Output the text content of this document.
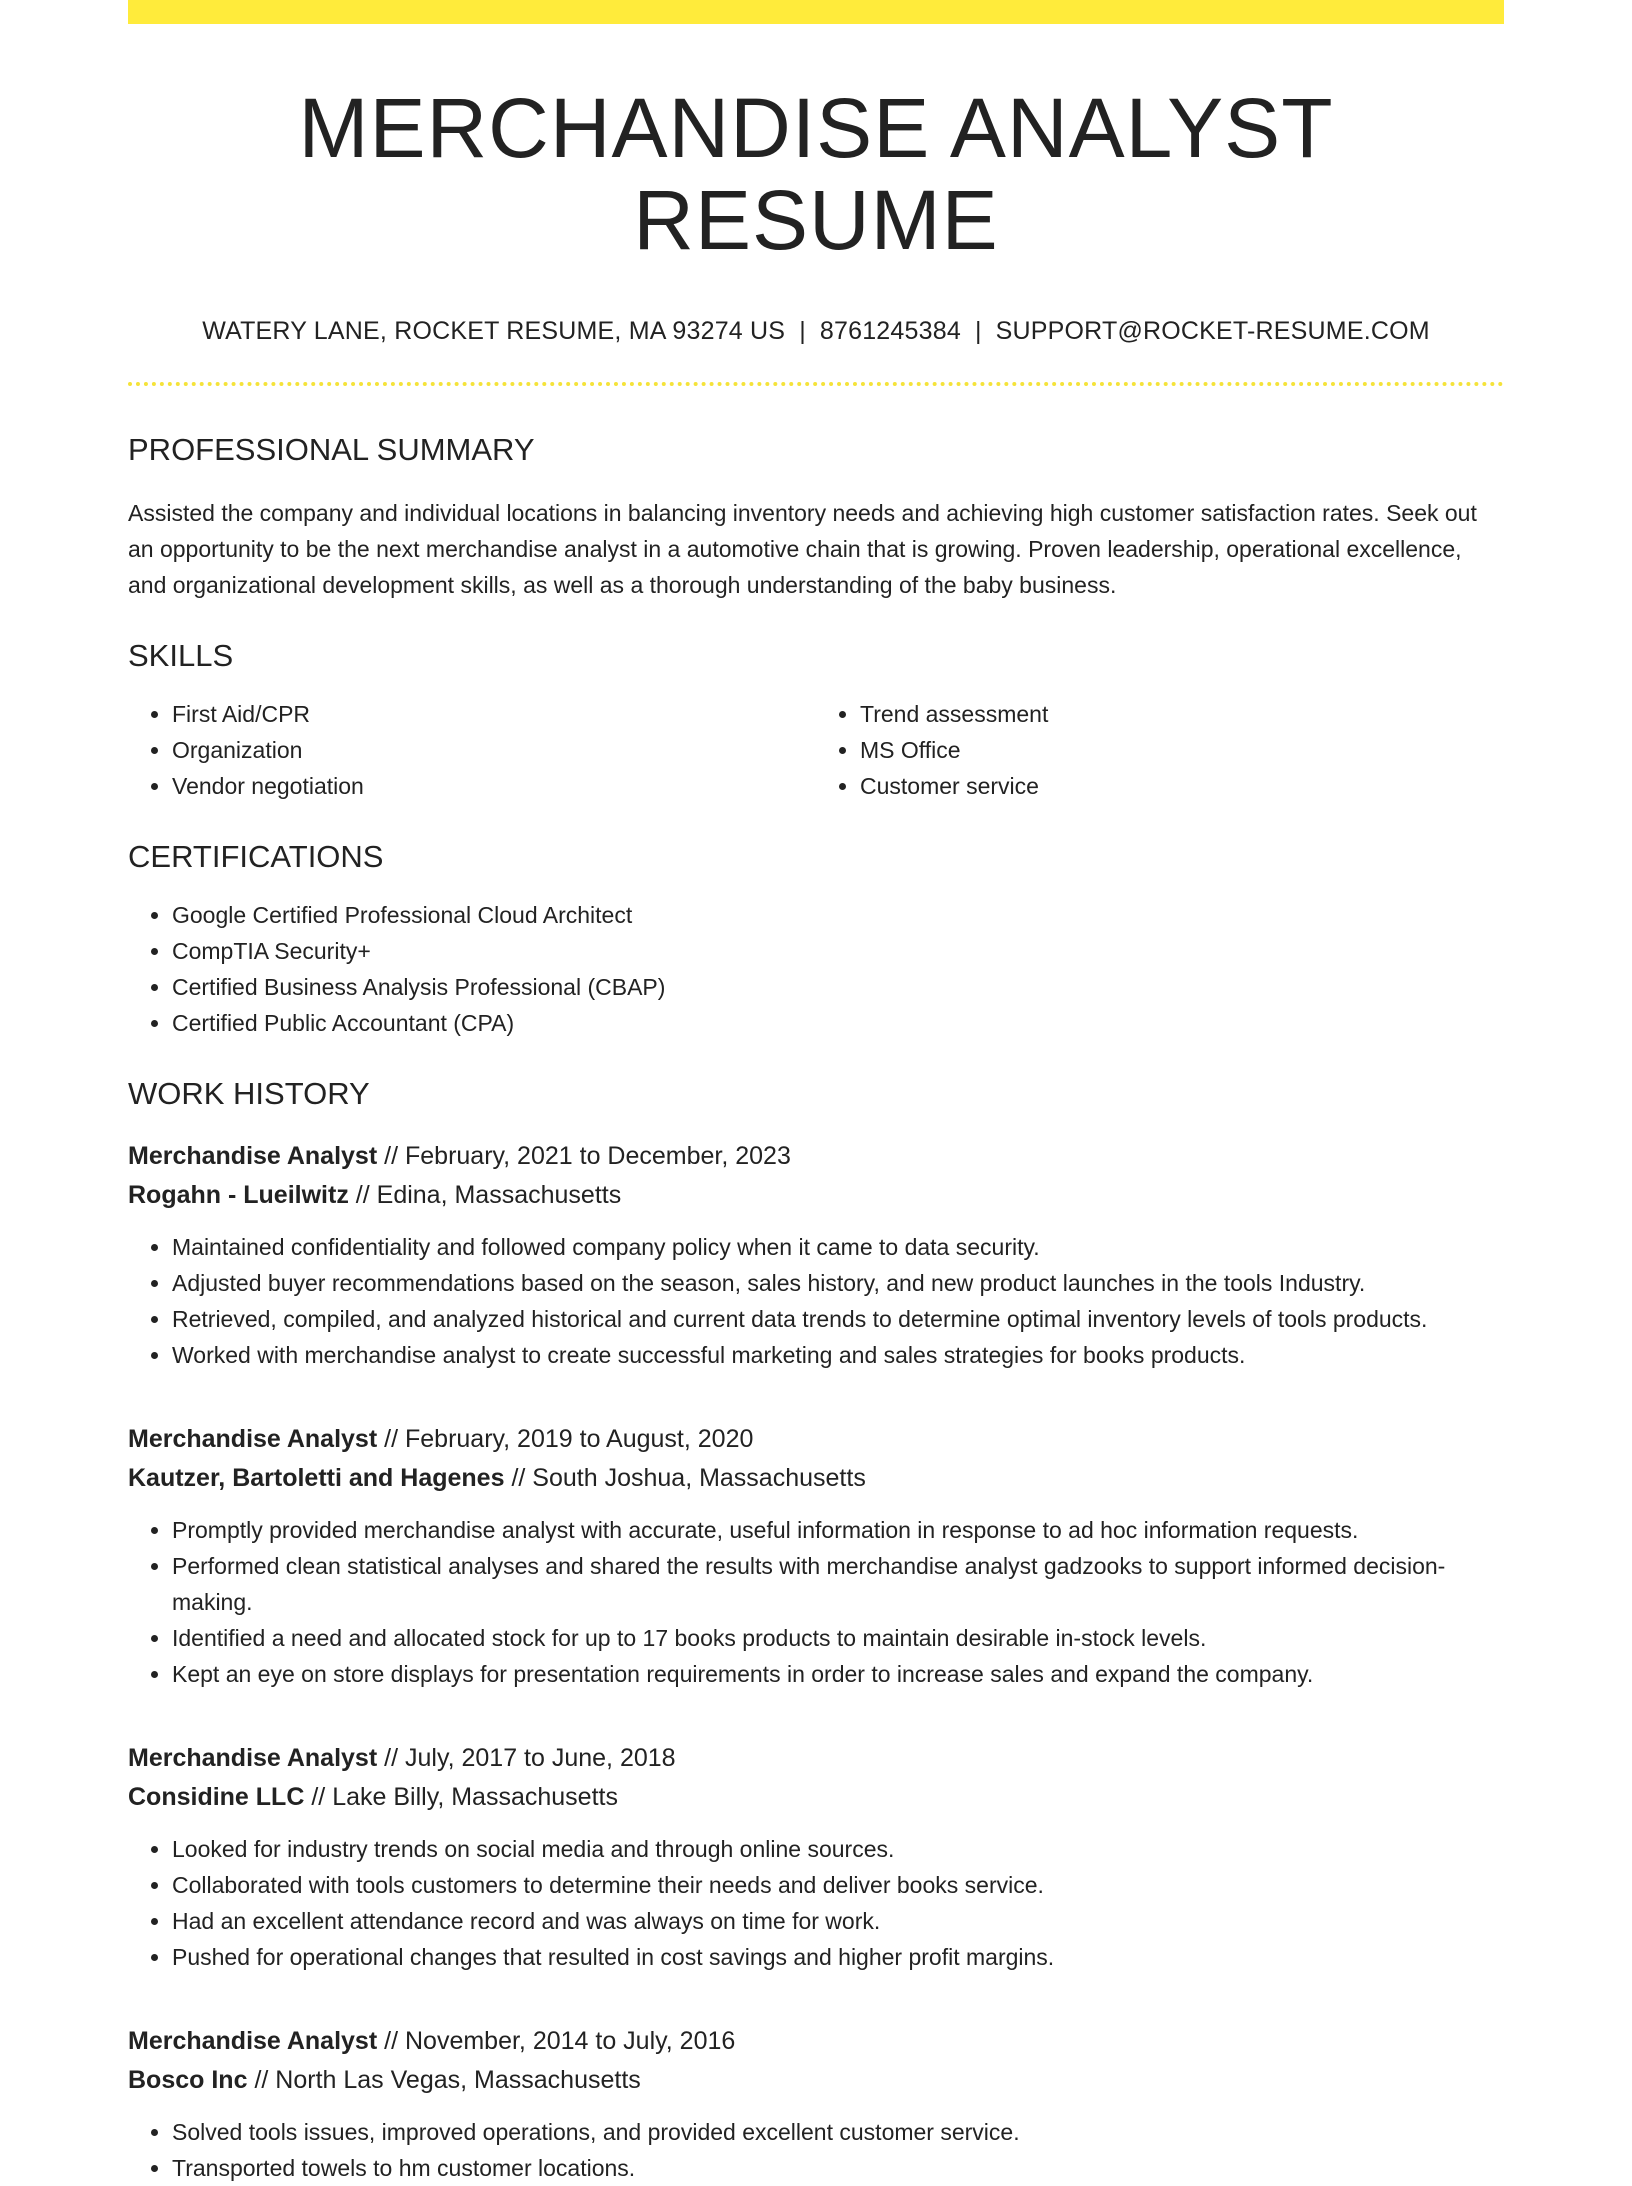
MERCHANDISE ANALYST RESUME
WATERY LANE, ROCKET RESUME, MA 93274 US | 8761245384 | SUPPORT@ROCKET-RESUME.COM
PROFESSIONAL SUMMARY

Assisted the company and individual locations in balancing inventory needs and achieving high customer satisfaction rates. Seek out an opportunity to be the next merchandise analyst in a automotive chain that is growing. Proven leadership, operational excellence, and organizational development skills, as well as a thorough understanding of the baby business.

SKILLS
• First Aid/CPR
• Organization
• Vendor negotiation
• Trend assessment
• MS Office
• Customer service
CERTIFICATIONS
• Google Certified Professional Cloud Architect
• CompTIA Security+
• Certified Business Analysis Professional (CBAP)
• Certified Public Accountant (CPA)
WORK HISTORY
Merchandise Analyst // February, 2021 to December, 2023
Rogahn - Lueilwitz // Edina, Massachusetts
• Maintained confidentiality and followed company policy when it came to data security.
• Adjusted buyer recommendations based on the season, sales history, and new product launches in the tools Industry.
• Retrieved, compiled, and analyzed historical and current data trends to determine optimal inventory levels of tools products.
• Worked with merchandise analyst to create successful marketing and sales strategies for books products.
Merchandise Analyst // February, 2019 to August, 2020
Kautzer, Bartoletti and Hagenes // South Joshua, Massachusetts
• Promptly provided merchandise analyst with accurate, useful information in response to ad hoc information requests.
• Performed clean statistical analyses and shared the results with merchandise analyst gadzooks to support informed decision-making.
• Identified a need and allocated stock for up to 17 books products to maintain desirable in-stock levels.
• Kept an eye on store displays for presentation requirements in order to increase sales and expand the company.
Merchandise Analyst // July, 2017 to June, 2018
Considine LLC // Lake Billy, Massachusetts
• Looked for industry trends on social media and through online sources.
• Collaborated with tools customers to determine their needs and deliver books service.
• Had an excellent attendance record and was always on time for work.
• Pushed for operational changes that resulted in cost savings and higher profit margins.
Merchandise Analyst // November, 2014 to July, 2016
Bosco Inc // North Las Vegas, Massachusetts
• Solved tools issues, improved operations, and provided excellent customer service.
• Transported towels to hm customer locations.
